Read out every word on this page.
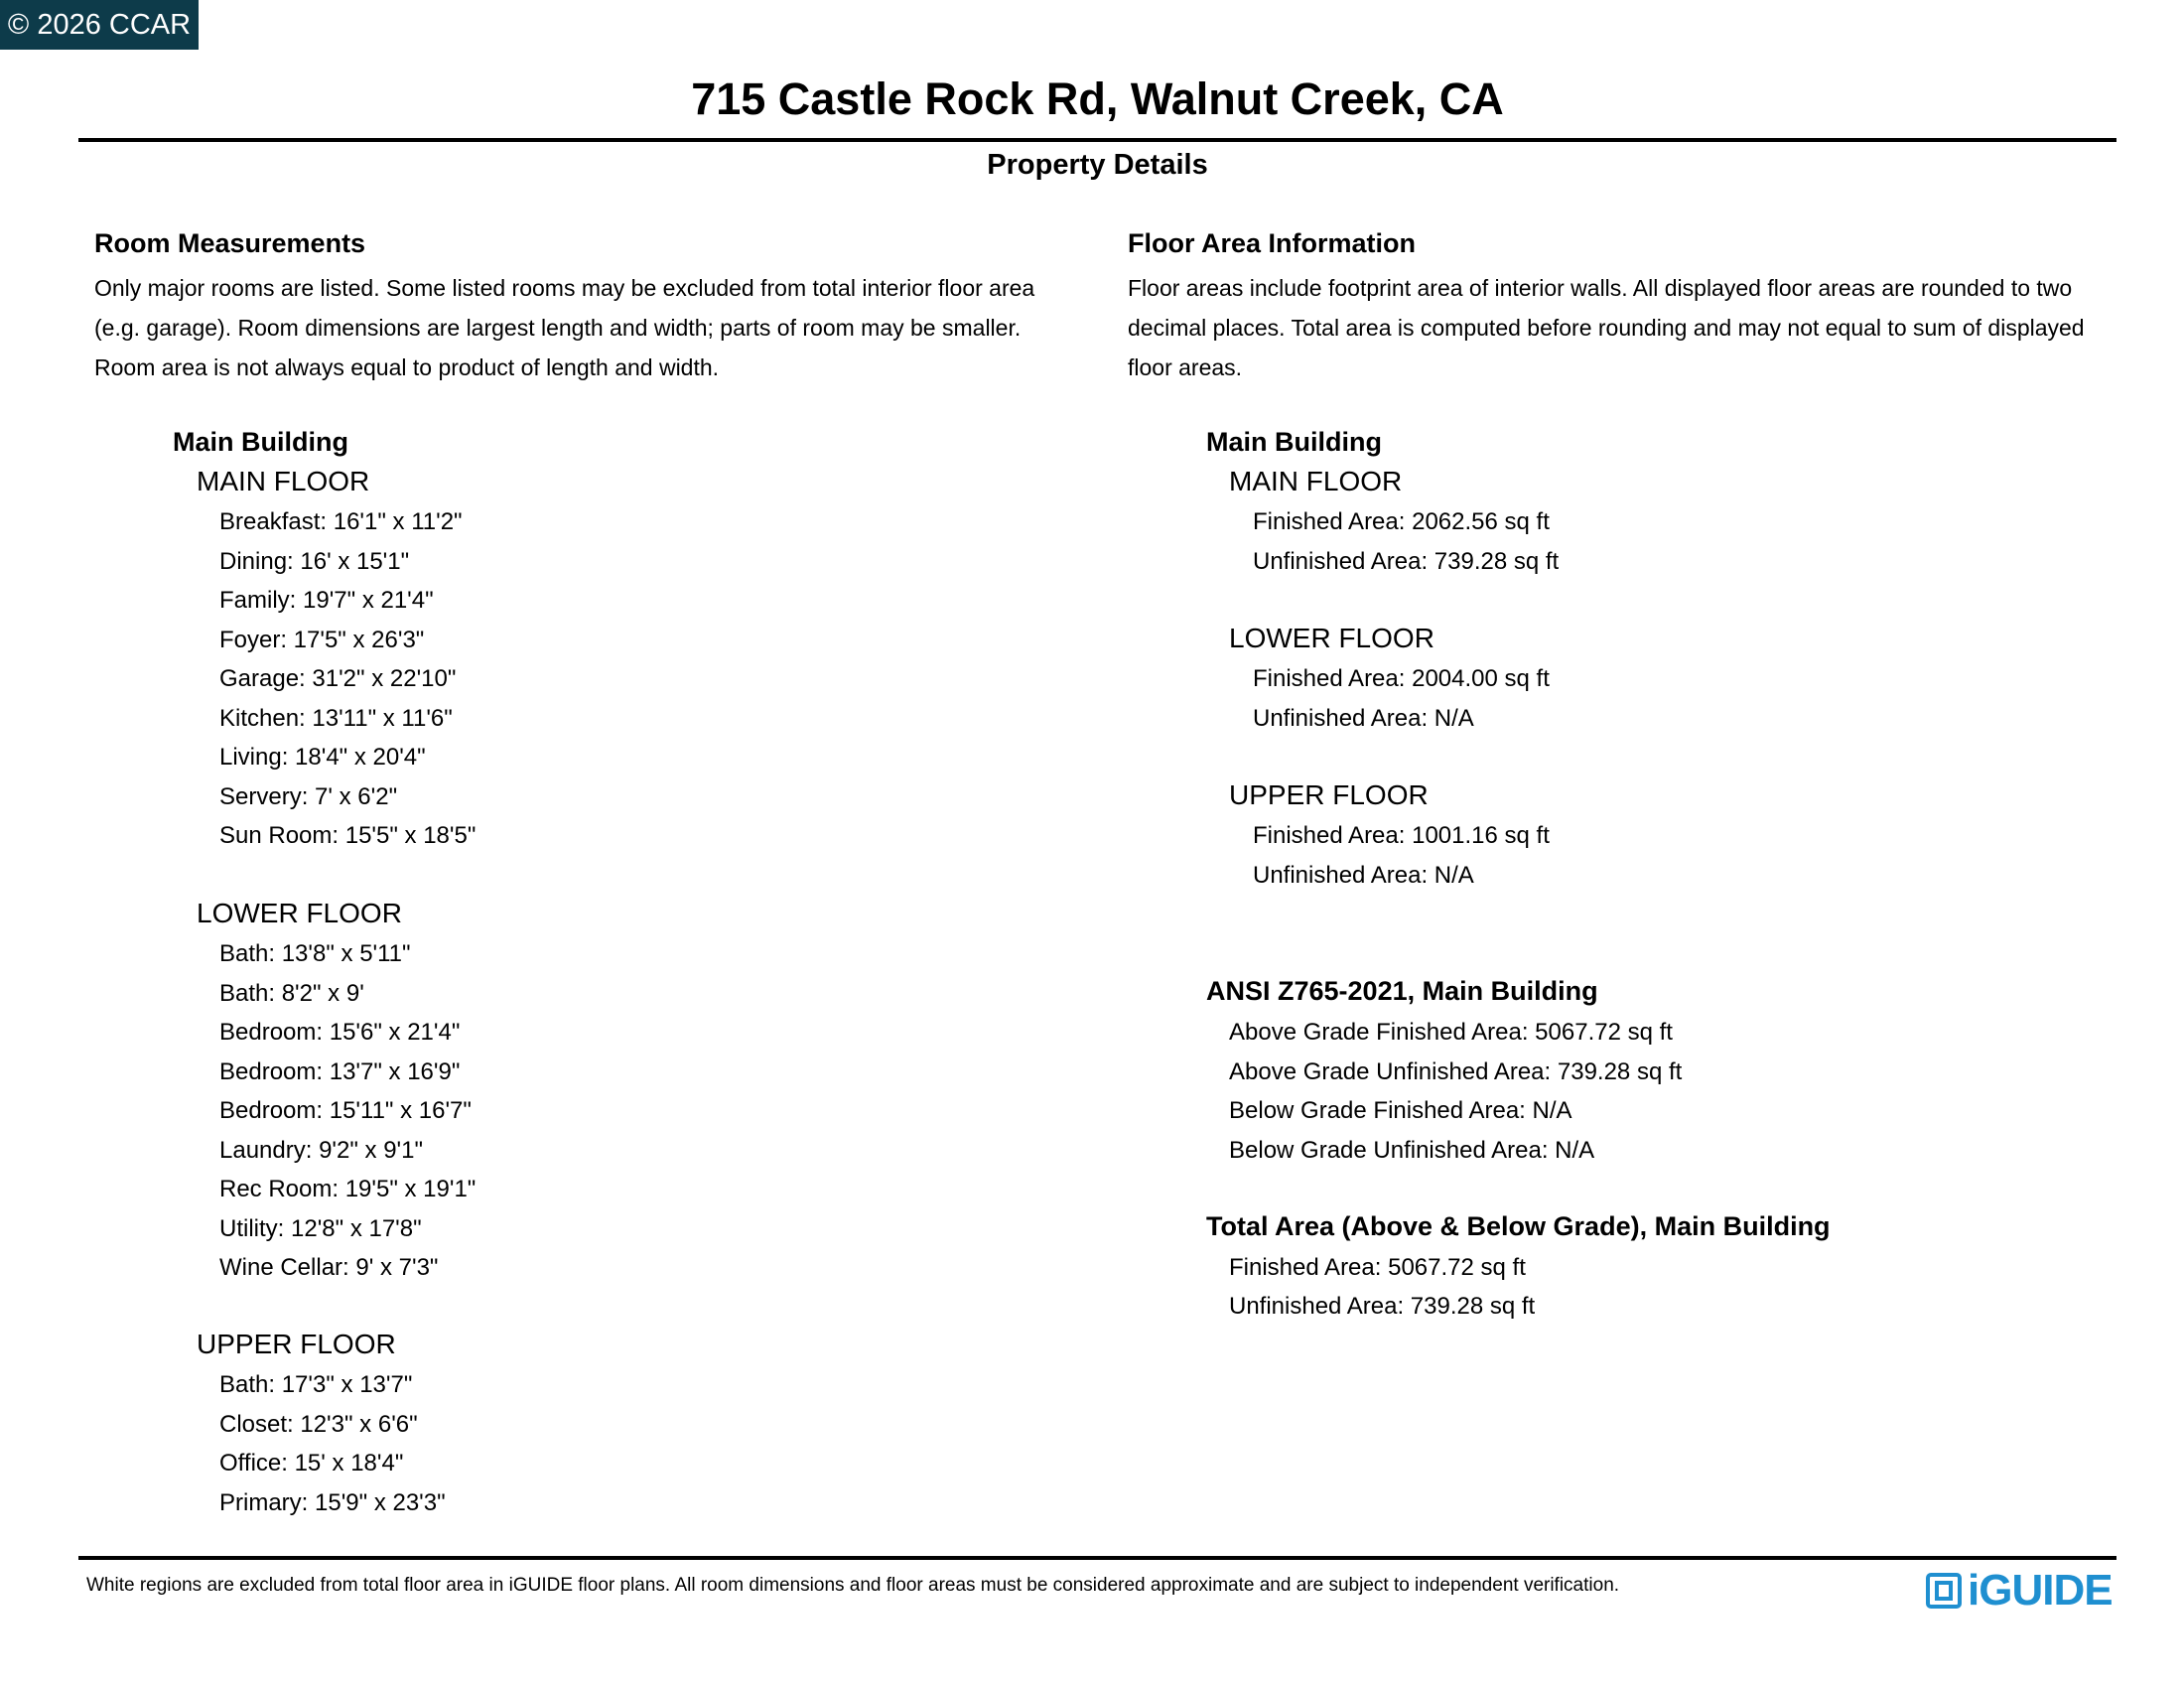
© 2026 CCAR
715 Castle Rock Rd, Walnut Creek, CA
Property Details
Room Measurements
Only major rooms are listed. Some listed rooms may be excluded from total interior floor area
(e.g. garage). Room dimensions are largest length and width; parts of room may be smaller.
Room area is not always equal to product of length and width.
Main Building
MAIN FLOOR
Breakfast: 16'1" x 11'2"
Dining: 16' x 15'1"
Family: 19'7" x 21'4"
Foyer: 17'5" x 26'3"
Garage: 31'2" x 22'10"
Kitchen: 13'11" x 11'6"
Living: 18'4" x 20'4"
Servery: 7' x 6'2"
Sun Room: 15'5" x 18'5"
LOWER FLOOR
Bath: 13'8" x 5'11"
Bath: 8'2" x 9'
Bedroom: 15'6" x 21'4"
Bedroom: 13'7" x 16'9"
Bedroom: 15'11" x 16'7"
Laundry: 9'2" x 9'1"
Rec Room: 19'5" x 19'1"
Utility: 12'8" x 17'8"
Wine Cellar: 9' x 7'3"
UPPER FLOOR
Bath: 17'3" x 13'7"
Closet: 12'3" x 6'6"
Office: 15' x 18'4"
Primary: 15'9" x 23'3"
Floor Area Information
Floor areas include footprint area of interior walls. All displayed floor areas are rounded to two
decimal places. Total area is computed before rounding and may not equal to sum of displayed
floor areas.
Main Building
MAIN FLOOR
Finished Area: 2062.56 sq ft
Unfinished Area: 739.28 sq ft
LOWER FLOOR
Finished Area: 2004.00 sq ft
Unfinished Area: N/A
UPPER FLOOR
Finished Area: 1001.16 sq ft
Unfinished Area: N/A
ANSI Z765-2021, Main Building
Above Grade Finished Area: 5067.72 sq ft
Above Grade Unfinished Area: 739.28 sq ft
Below Grade Finished Area: N/A
Below Grade Unfinished Area: N/A
Total Area (Above & Below Grade), Main Building
Finished Area: 5067.72 sq ft
Unfinished Area: 739.28 sq ft
White regions are excluded from total floor area in iGUIDE floor plans. All room dimensions and floor areas must be considered approximate and are subject to independent verification.	iGUIDE
